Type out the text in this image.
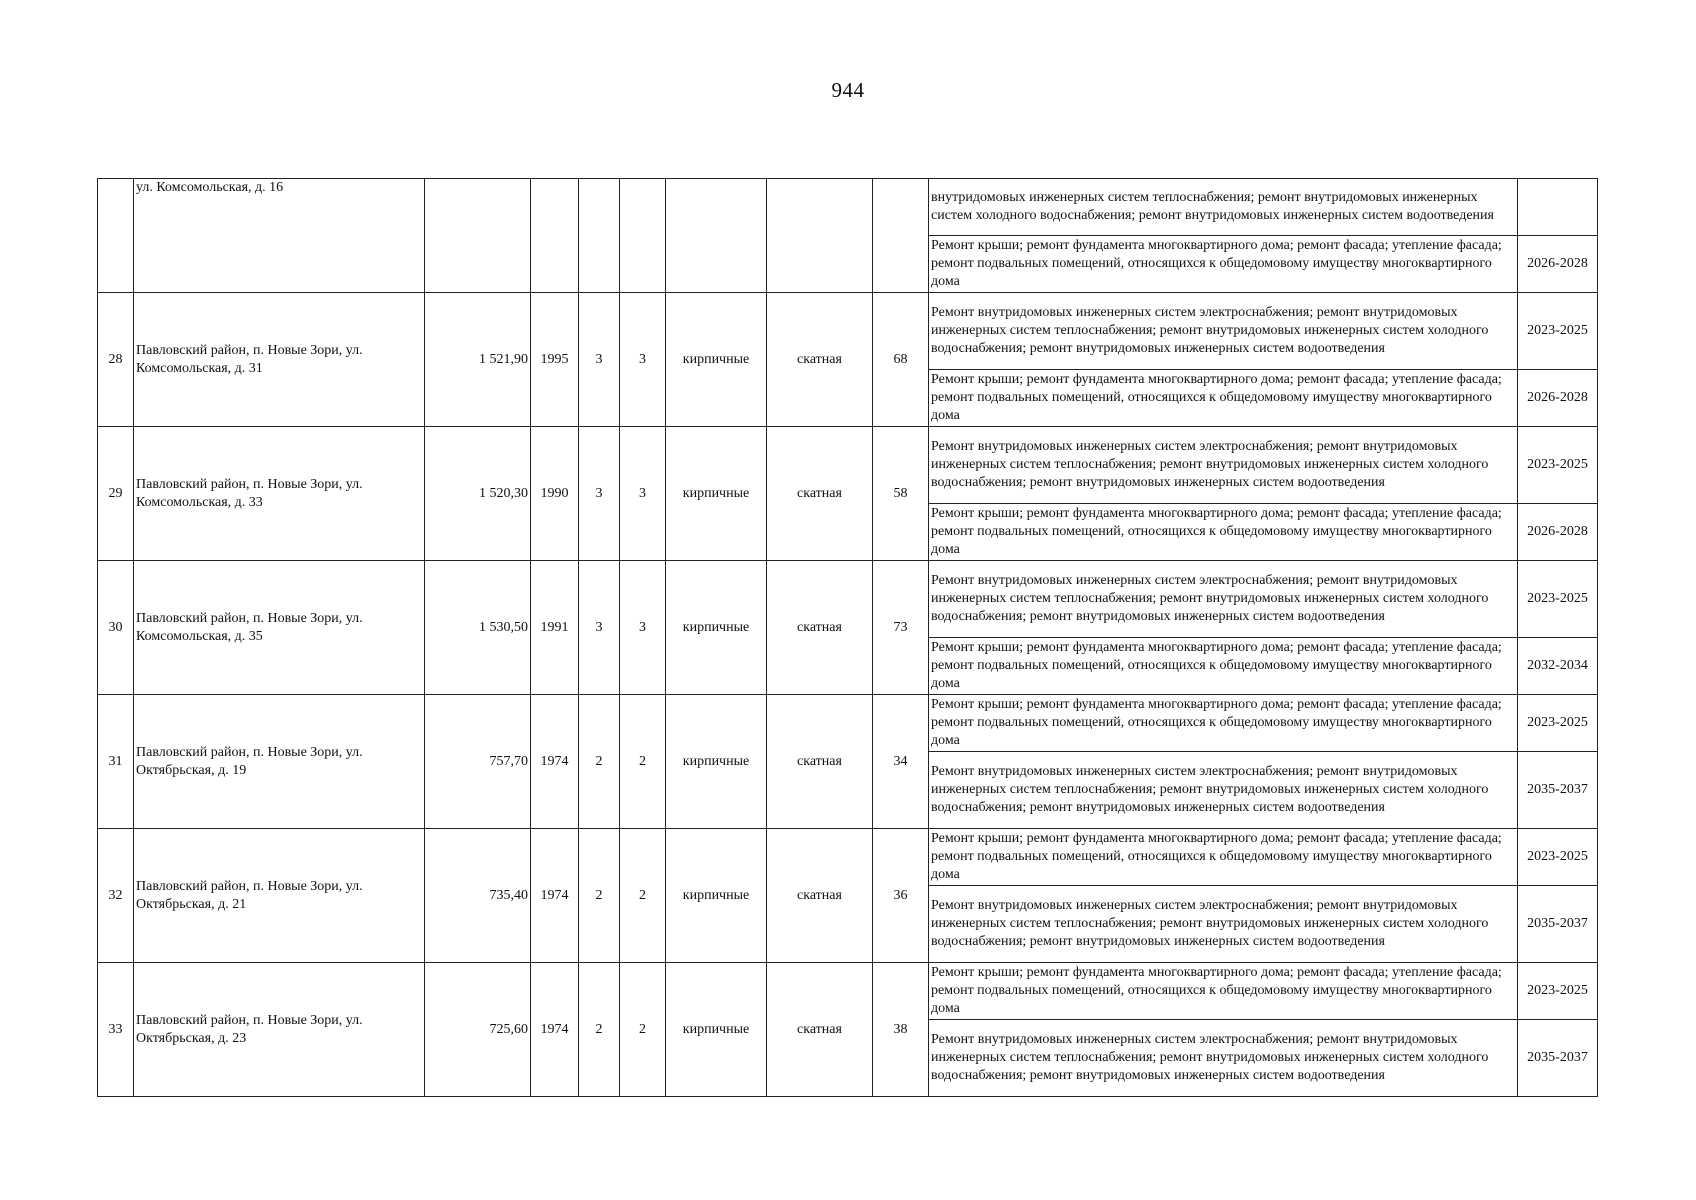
944
	ул. Комсомольская, д. 16								внутридомовых инженерных систем теплоснабжения; ремонт внутридомовых инженерных систем холодного водоснабжения; ремонт внутридомовых инженерных систем водоотведения	
									Ремонт крыши; ремонт фундамента многоквартирного дома; ремонт фасада; утепление фасада; ремонт подвальных помещений, относящихся к общедомовому имуществу многоквартирного дома	2026-2028
28	Павловский район, п. Новые Зори, ул. Комсомольская, д. 31	1 521,90	1995	3	3	кирпичные	скатная	68	Ремонт внутридомовых инженерных систем электроснабжения; ремонт внутридомовых инженерных систем теплоснабжения; ремонт внутридомовых инженерных систем холодного водоснабжения; ремонт внутридомовых инженерных систем водоотведения	2023-2025
									Ремонт крыши; ремонт фундамента многоквартирного дома; ремонт фасада; утепление фасада; ремонт подвальных помещений, относящихся к общедомовому имуществу многоквартирного дома	2026-2028
29	Павловский район, п. Новые Зори, ул. Комсомольская, д. 33	1 520,30	1990	3	3	кирпичные	скатная	58	Ремонт внутридомовых инженерных систем электроснабжения; ремонт внутридомовых инженерных систем теплоснабжения; ремонт внутридомовых инженерных систем холодного водоснабжения; ремонт внутридомовых инженерных систем водоотведения	2023-2025
									Ремонт крыши; ремонт фундамента многоквартирного дома; ремонт фасада; утепление фасада; ремонт подвальных помещений, относящихся к общедомовому имуществу многоквартирного дома	2026-2028
30	Павловский район, п. Новые Зори, ул. Комсомольская, д. 35	1 530,50	1991	3	3	кирпичные	скатная	73	Ремонт внутридомовых инженерных систем электроснабжения; ремонт внутридомовых инженерных систем теплоснабжения; ремонт внутридомовых инженерных систем холодного водоснабжения; ремонт внутридомовых инженерных систем водоотведения	2023-2025
									Ремонт крыши; ремонт фундамента многоквартирного дома; ремонт фасада; утепление фасада; ремонт подвальных помещений, относящихся к общедомовому имуществу многоквартирного дома	2032-2034
31	Павловский район, п. Новые Зори, ул. Октябрьская, д. 19	757,70	1974	2	2	кирпичные	скатная	34	Ремонт крыши; ремонт фундамента многоквартирного дома; ремонт фасада; утепление фасада; ремонт подвальных помещений, относящихся к общедомовому имуществу многоквартирного дома	2023-2025
									Ремонт внутридомовых инженерных систем электроснабжения; ремонт внутридомовых инженерных систем теплоснабжения; ремонт внутридомовых инженерных систем холодного водоснабжения; ремонт внутридомовых инженерных систем водоотведения	2035-2037
32	Павловский район, п. Новые Зори, ул. Октябрьская, д. 21	735,40	1974	2	2	кирпичные	скатная	36	Ремонт крыши; ремонт фундамента многоквартирного дома; ремонт фасада; утепление фасада; ремонт подвальных помещений, относящихся к общедомовому имуществу многоквартирного дома	2023-2025
									Ремонт внутридомовых инженерных систем электроснабжения; ремонт внутридомовых инженерных систем теплоснабжения; ремонт внутридомовых инженерных систем холодного водоснабжения; ремонт внутридомовых инженерных систем водоотведения	2035-2037
33	Павловский район, п. Новые Зори, ул. Октябрьская, д. 23	725,60	1974	2	2	кирпичные	скатная	38	Ремонт крыши; ремонт фундамента многоквартирного дома; ремонт фасада; утепление фасада; ремонт подвальных помещений, относящихся к общедомовому имуществу многоквартирного дома	2023-2025
									Ремонт внутридомовых инженерных систем электроснабжения; ремонт внутридомовых инженерных систем теплоснабжения; ремонт внутридомовых инженерных систем холодного водоснабжения; ремонт внутридомовых инженерных систем водоотведения	2035-2037
